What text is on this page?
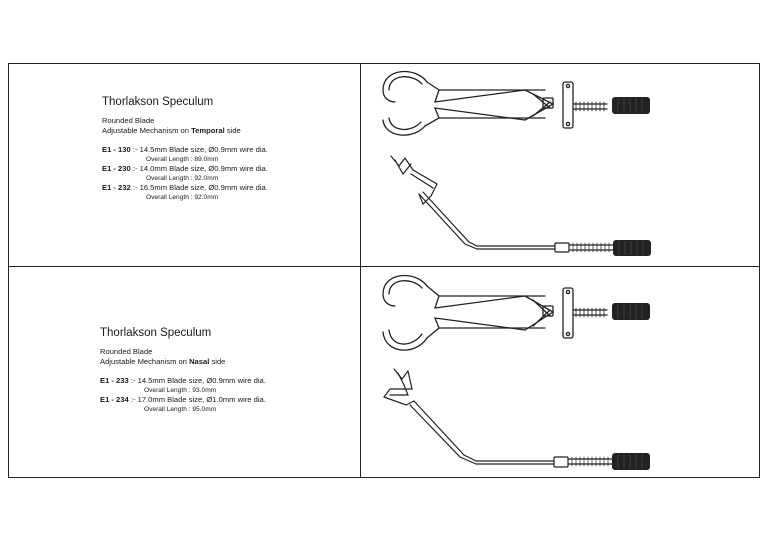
Thorlakson Speculum
Rounded Blade
Adjustable Mechanism on Temporal side
E1 - 130 :- 14.5mm Blade size, Ø0.9mm wire dia.
Overall Length : 89.0mm
E1 - 230 :- 14.0mm Blade size, Ø0.9mm wire dia.
Overall Length : 92.0mm
E1 - 232 :- 16.5mm Blade size, Ø0.9mm wire dia.
Overall Length : 92.0mm
Thorlakson Speculum
Rounded Blade
Adjustable Mechanism on Nasal side
E1 - 233 :- 14.5mm Blade size, Ø0.9mm wire dia.
Overall Length : 93.0mm
E1 - 234 :- 17.0mm Blade size, Ø1.0mm wire dia.
Overall Length : 95.0mm
